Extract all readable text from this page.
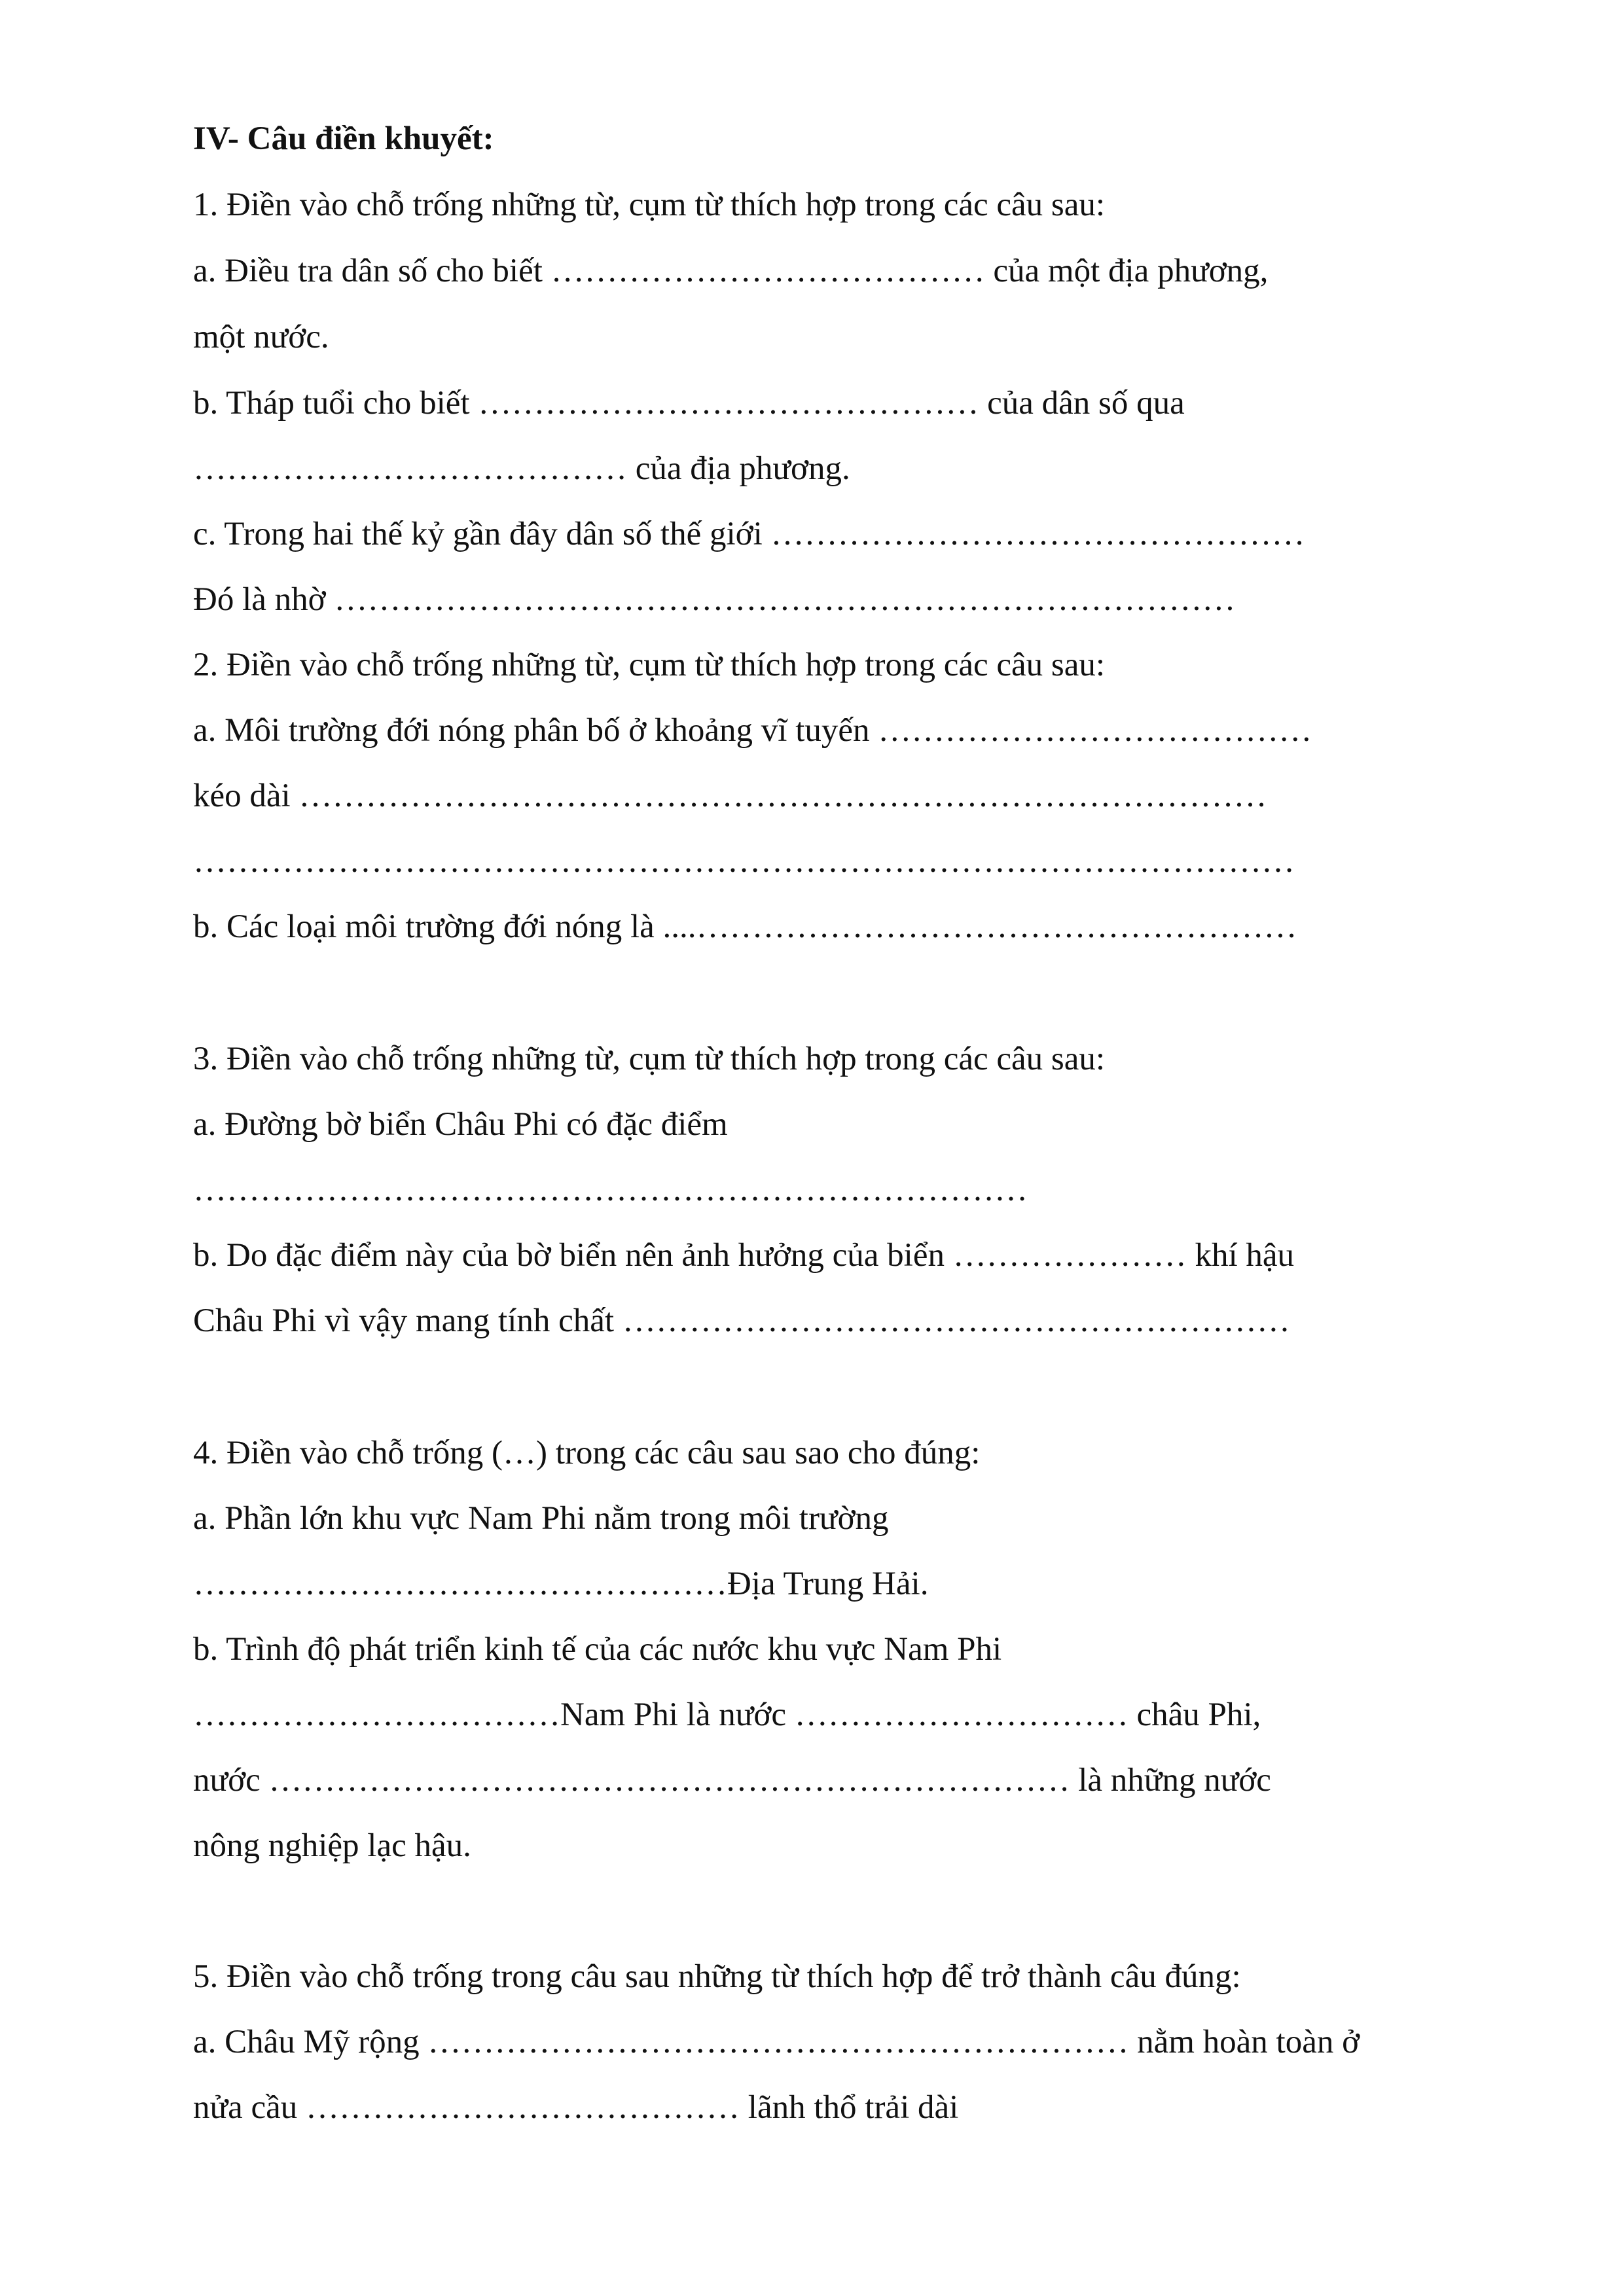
IV- Câu điền khuyết:

1. Điền vào chỗ trống những từ, cụm từ thích hợp trong các câu sau:

a. Điều tra dân số cho biết ………………………………… của một địa phương,

một nước.

b. Tháp tuổi cho biết ……………………………………… của dân số qua

………………………………… của địa phương.

c. Trong hai thế kỷ gần đây dân số thế giới …………………………………………

Đó là nhờ ………………………………………………………………………

2. Điền vào chỗ trống những từ, cụm từ thích hợp trong các câu sau:

a. Môi trường đới nóng phân bố ở khoảng vĩ tuyến …………………………………

kéo dài ……………………………………………………………………………

………………………………………………………………………………………

b. Các loại môi trường đới nóng là ....………………………………………………

3. Điền vào chỗ trống những từ, cụm từ thích hợp trong các câu sau:

a. Đường bờ biển Châu Phi có đặc điểm

…………………………………………………………………

b. Do đặc điểm này của bờ biển nên ảnh hưởng của biển ………………… khí hậu

Châu Phi vì vậy mang tính chất ……………………………………………………

4. Điền vào chỗ trống (…) trong các câu sau sao cho đúng:

a. Phần lớn khu vực Nam Phi nằm trong môi trường

…………………………………………Địa Trung Hải.

b. Trình độ phát triển kinh tế của các nước khu vực Nam Phi

……………………………Nam Phi là nước ………………………… châu Phi,

nước ……………………………………………………………… là những nước

nông nghiệp lạc hậu.

5. Điền vào chỗ trống trong câu sau những từ thích hợp để trở thành câu đúng:

a. Châu Mỹ rộng ……………………………………………………… nằm hoàn toàn ở

nửa cầu ………………………………… lãnh thổ trải dài
